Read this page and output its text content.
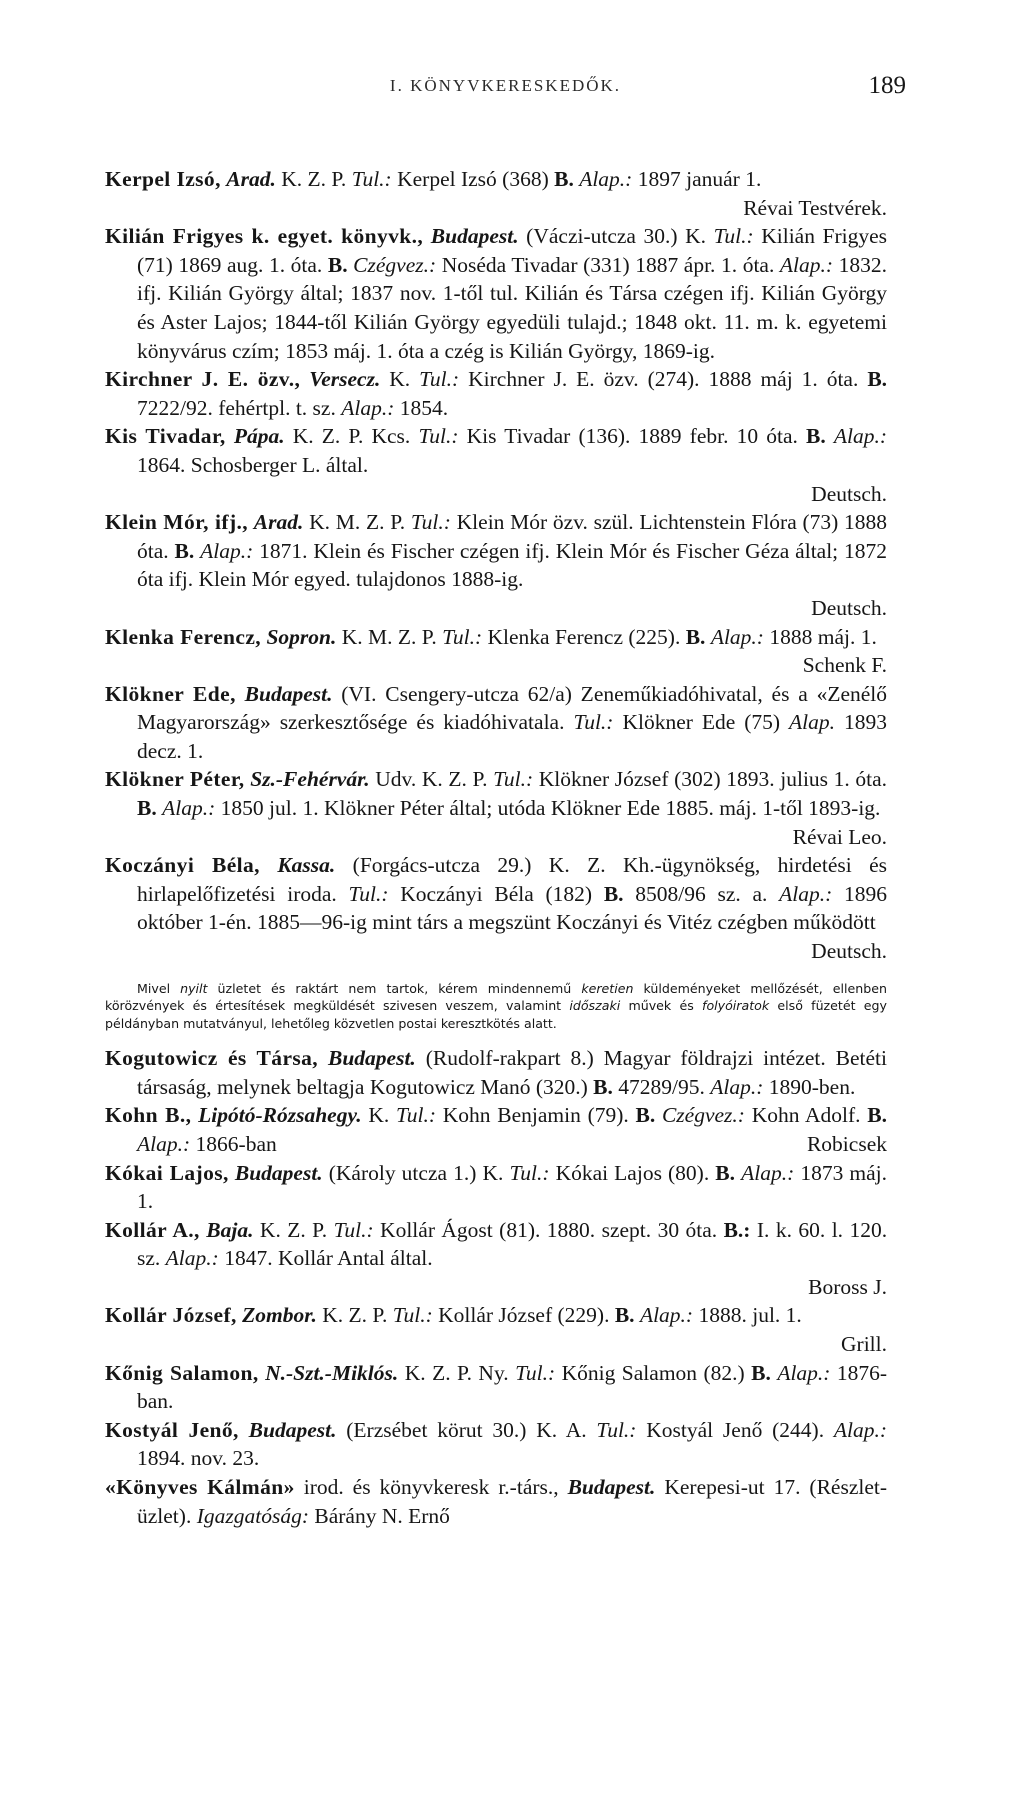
I. KÖNYVKERESKEDŐK.	189

Kerpel Izsó, Arad. K. Z. P. Tul.: Kerpel Izsó (368) B. Alap.: 1897 január 1.
Révai Testvérek.

Kilián Frigyes k. egyet. könyvk., Budapest. (Váczi-utcza 30.) K. Tul.: Kilián Frigyes (71) 1869 aug. 1. óta. B. Czégvez.: Noséda Tivadar (331) 1887 ápr. 1. óta. Alap.: 1832. ifj. Kilián György által; 1837 nov. 1-től tul. Kilián és Társa czégen ifj. Kilián György és Aster Lajos; 1844-től Kilián György egyedüli tulajd.; 1848 okt. 11. m. k. egyetemi könyvárus czím; 1853 máj. 1. óta a czég is Kilián György, 1869-ig.

Kirchner J. E. özv., Versecz. K. Tul.: Kirchner J. E. özv. (274). 1888 máj 1. óta. B. 7222/92. fehértpl. t. sz. Alap.: 1854.

Kis Tivadar, Pápa. K. Z. P. Kcs. Tul.: Kis Tivadar (136). 1889 febr. 10 óta. B. Alap.: 1864. Schosberger L. által.
Deutsch.

Klein Mór, ifj., Arad. K. M. Z. P. Tul.: Klein Mór özv. szül. Lichtenstein Flóra (73) 1888 óta. B. Alap.: 1871. Klein és Fischer czégen ifj. Klein Mór és Fischer Géza által; 1872 óta ifj. Klein Mór egyed. tulajdonos 1888-ig.
Deutsch.

Klenka Ferencz, Sopron. K. M. Z. P. Tul.: Klenka Ferencz (225). B. Alap.: 1888 máj. 1.
Schenk F.

Klökner Ede, Budapest. (VI. Csengery-utcza 62/a) Zeneműkiadóhivatal, és a «Zenélő Magyarország» szerkesztősége és kiadóhivatala. Tul.: Klökner Ede (75) Alap. 1893 decz. 1.

Klökner Péter, Sz.-Fehérvár. Udv. K. Z. P. Tul.: Klökner József (302) 1893. julius 1. óta. B. Alap.: 1850 jul. 1. Klökner Péter által; utóda Klökner Ede 1885. máj. 1-től 1893-ig.
Révai Leo.

Koczányi Béla, Kassa. (Forgács-utcza 29.) K. Z. Kh.-ügynökség, hirdetési és hirlapelőfizetési iroda. Tul.: Koczányi Béla (182) B. 8508/96 sz. a. Alap.: 1896 október 1-én. 1885—96-ig mint társ a megszünt Koczányi és Vitéz czégben működött
Deutsch.

Mivel nyilt üzletet és raktárt nem tartok, kérem mindennemű keretien küldeményeket mellőzését, ellenben körözvények és értesítések megküldését szivesen veszem, valamint időszaki művek és folyóiratok első füzetét egy példányban mutatványul, lehetőleg közvetlen postai keresztkötés alatt.

Kogutowicz és Társa, Budapest. (Rudolf-rakpart 8.) Magyar földrajzi intézet. Betéti társaság, melynek beltagja Kogutowicz Manó (320.) B. 47289/95. Alap.: 1890-ben.

Kohn B., Lipótó-Rózsahegy. K. Tul.: Kohn Benjamin (79). B. Czégvez.: Kohn Adolf. B. Alap.: 1866-ban	Robicsek

Kókai Lajos, Budapest. (Károly utcza 1.) K. Tul.: Kókai Lajos (80). B. Alap.: 1873 máj. 1.

Kollár A., Baja. K. Z. P. Tul.: Kollár Ágost (81). 1880. szept. 30 óta. B.: I. k. 60. l. 120. sz. Alap.: 1847. Kollár Antal által.
Boross J.

Kollár József, Zombor. K. Z. P. Tul.: Kollár József (229). B. Alap.: 1888. jul. 1.
Grill.

Kőnig Salamon, N.-Szt.-Miklós. K. Z. P. Ny. Tul.: Kőnig Salamon (82.) B. Alap.: 1876-ban.

Kostyál Jenő, Budapest. (Erzsébet körut 30.) K. A. Tul.: Kostyál Jenő (244). Alap.: 1894. nov. 23.

«Könyves Kálmán» irod. és könyvkeresk r.-társ., Budapest. Kerepesi-ut 17. (Részlet-üzlet). Igazgatóság: Bárány N. Ernő
